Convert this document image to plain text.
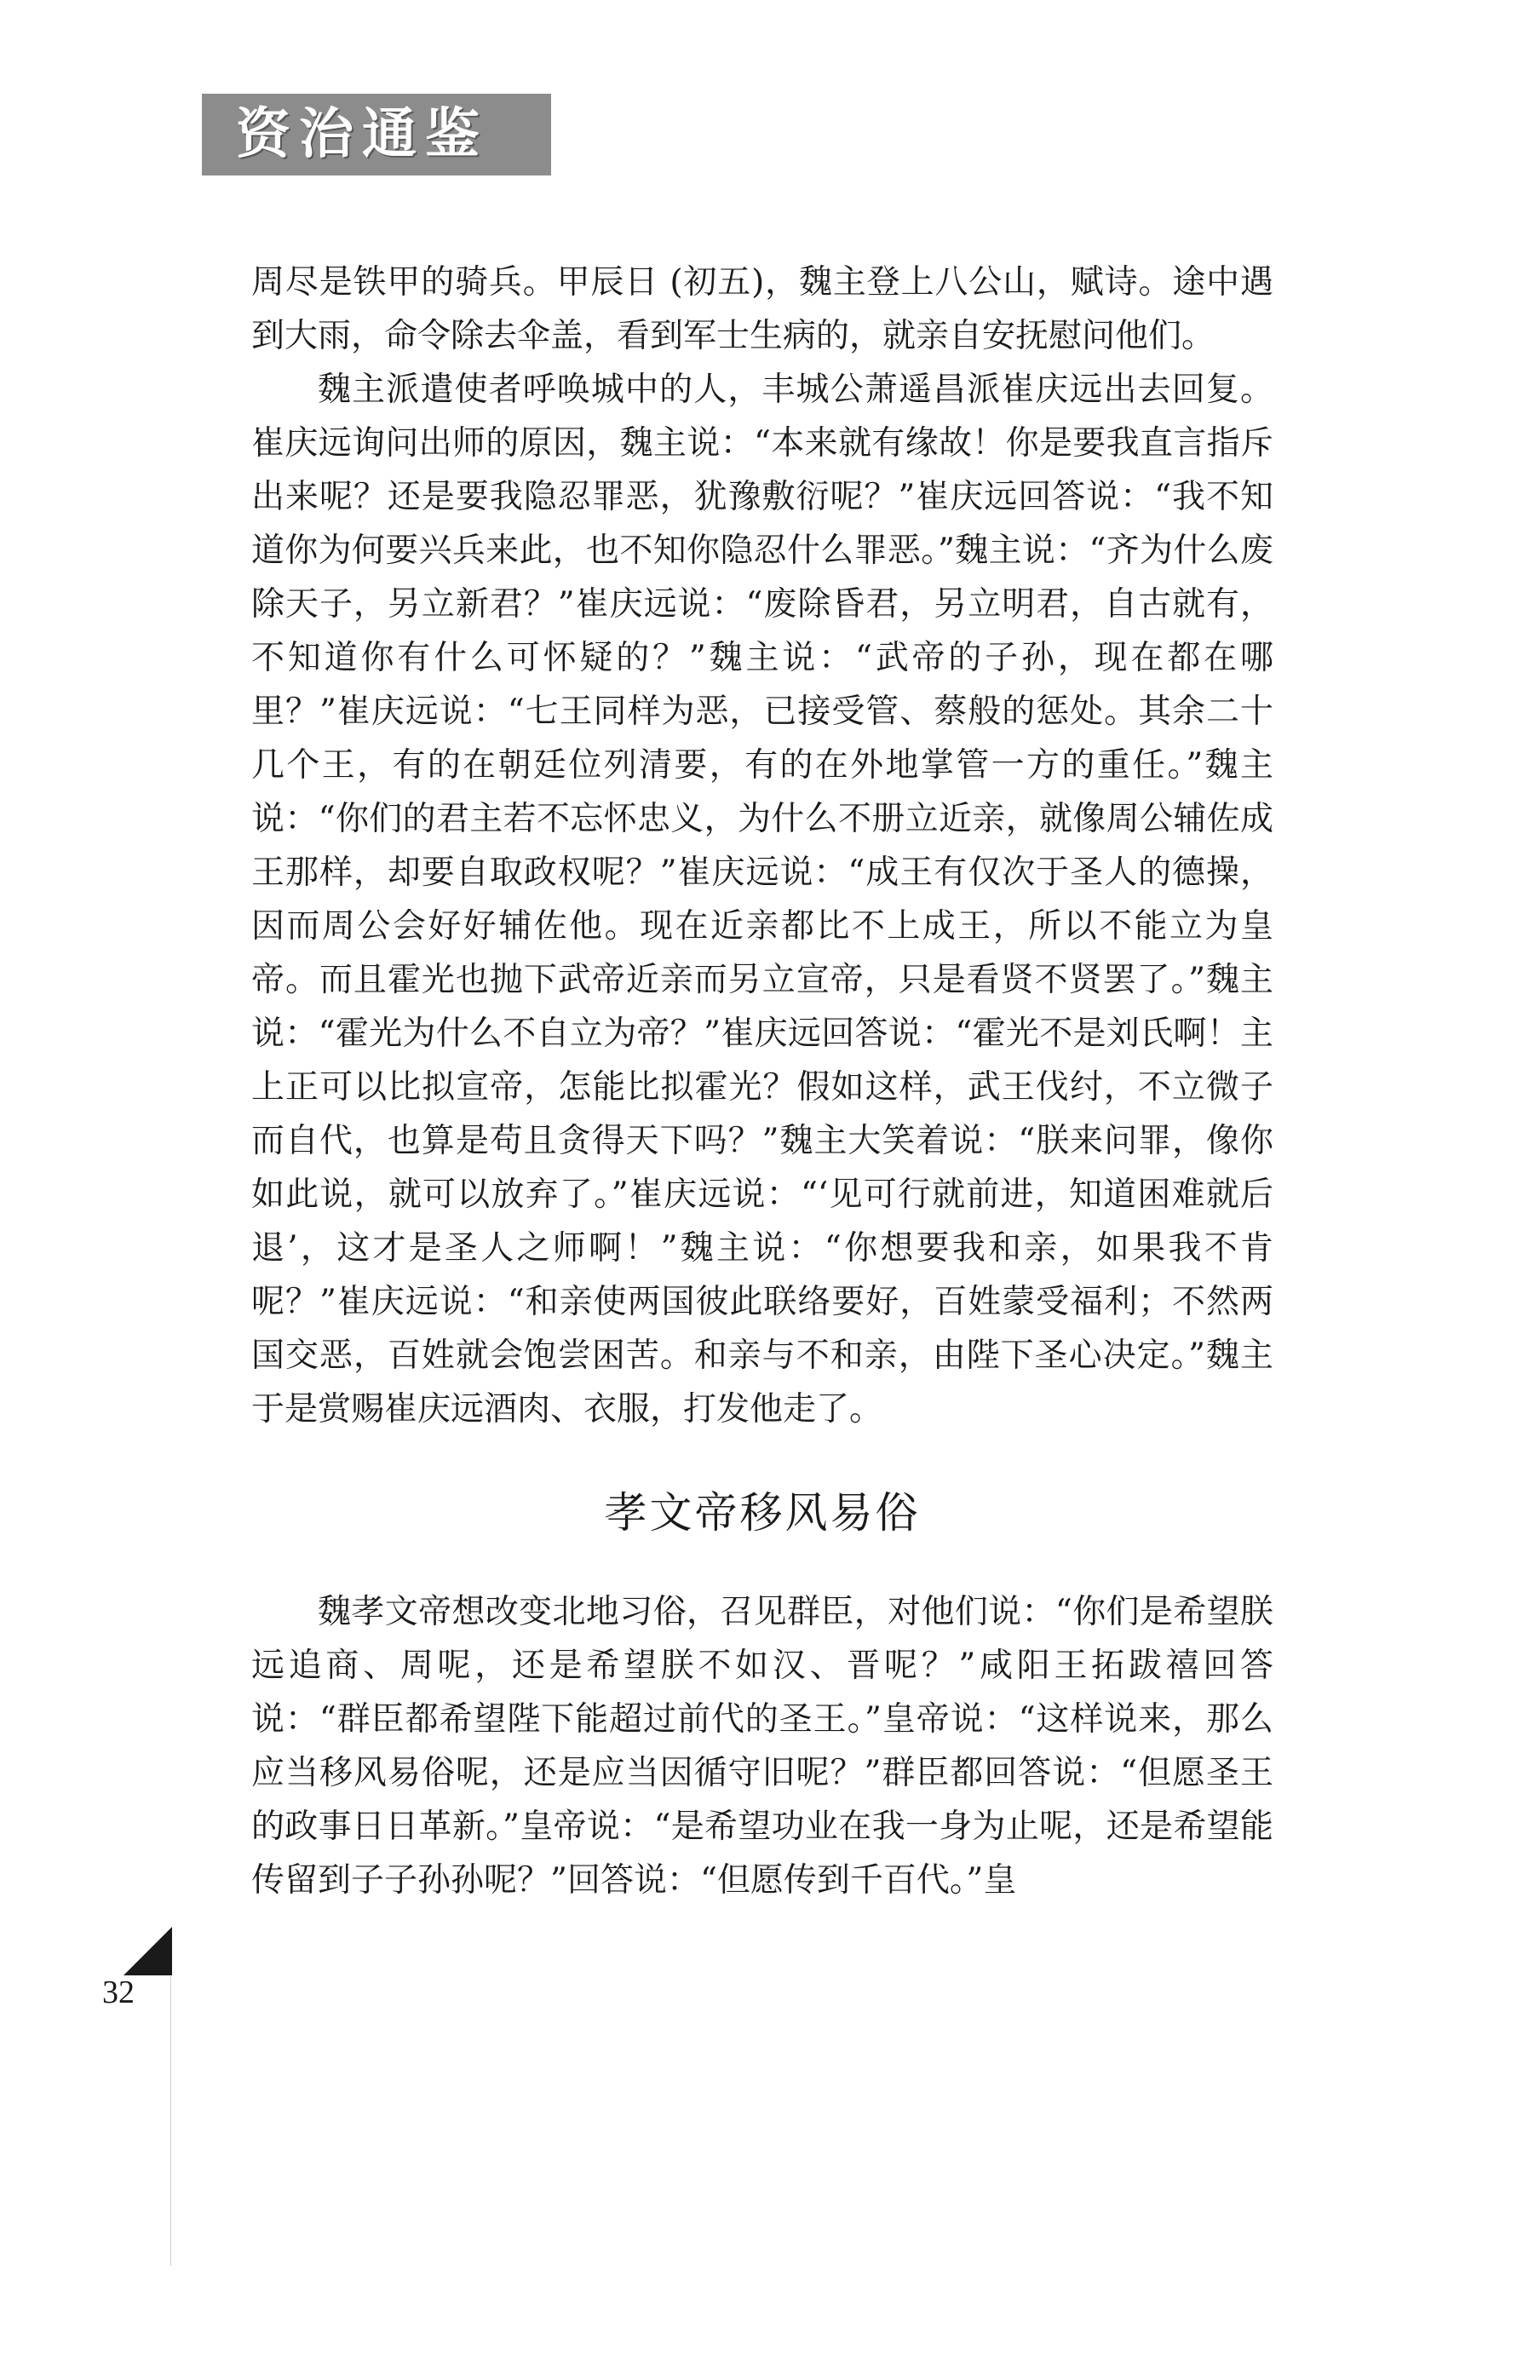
资治通鉴

周尽是铁甲的骑兵。甲辰日 (初五)，魏主登上八公山，赋诗。途中遇到大雨，命令除去伞盖，看到军士生病的，就亲自安抚慰问他们。

魏主派遣使者呼唤城中的人，丰城公萧遥昌派崔庆远出去回复。崔庆远询问出师的原因，魏主说：“本来就有缘故！你是要我直言指斥出来呢？还是要我隐忍罪恶，犹豫敷衍呢？”崔庆远回答说：“我不知道你为何要兴兵来此，也不知你隐忍什么罪恶。”魏主说：“齐为什么废除天子，另立新君？”崔庆远说：“废除昏君，另立明君，自古就有，不知道你有什么可怀疑的？”魏主说：“武帝的子孙，现在都在哪里？”崔庆远说：“七王同样为恶，已接受管、蔡般的惩处。其余二十几个王，有的在朝廷位列清要，有的在外地掌管一方的重任。”魏主说：“你们的君主若不忘怀忠义，为什么不册立近亲，就像周公辅佐成王那样，却要自取政权呢？”崔庆远说：“成王有仅次于圣人的德操，因而周公会好好辅佐他。现在近亲都比不上成王，所以不能立为皇帝。而且霍光也抛下武帝近亲而另立宣帝，只是看贤不贤罢了。”魏主说：“霍光为什么不自立为帝？”崔庆远回答说：“霍光不是刘氏啊！主上正可以比拟宣帝，怎能比拟霍光？假如这样，武王伐纣，不立微子而自代，也算是苟且贪得天下吗？”魏主大笑着说：“朕来问罪，像你如此说，就可以放弃了。”崔庆远说：“‘见可行就前进，知道困难就后退’，这才是圣人之师啊！”魏主说：“你想要我和亲，如果我不肯呢？”崔庆远说：“和亲使两国彼此联络要好，百姓蒙受福利；不然两国交恶，百姓就会饱尝困苦。和亲与不和亲，由陛下圣心决定。”魏主于是赏赐崔庆远酒肉、衣服，打发他走了。

孝文帝移风易俗

魏孝文帝想改变北地习俗，召见群臣，对他们说：“你们是希望朕远追商、周呢，还是希望朕不如汉、晋呢？”咸阳王拓跋禧回答说：“群臣都希望陛下能超过前代的圣王。”皇帝说：“这样说来，那么应当移风易俗呢，还是应当因循守旧呢？”群臣都回答说：“但愿圣王的政事日日革新。”皇帝说：“是希望功业在我一身为止呢，还是希望能传留到子子孙孙呢？”回答说：“但愿传到千百代。”皇

32
